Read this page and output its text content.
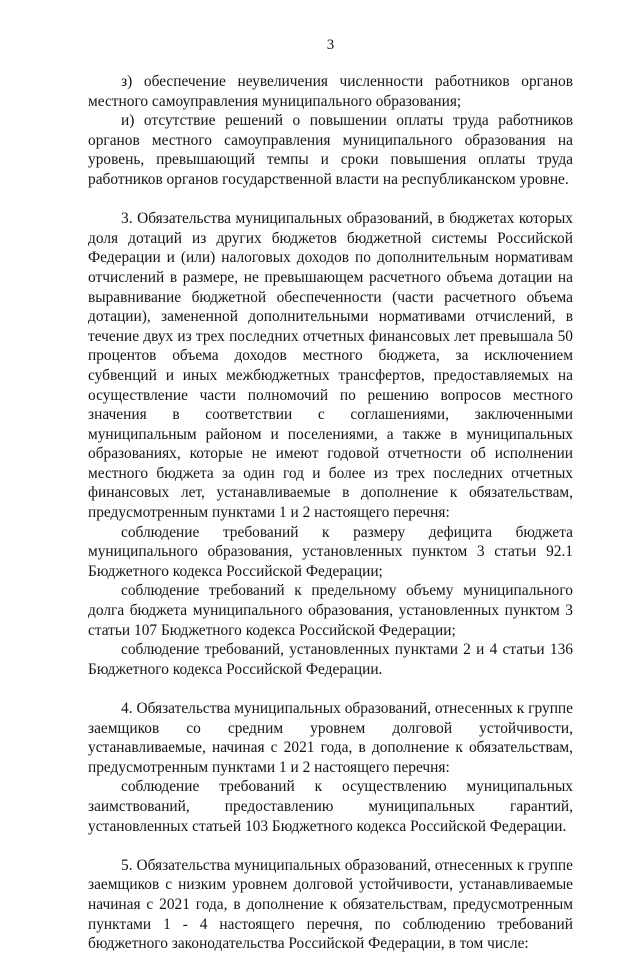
3

з) обеспечение неувеличения численности работников органов местного самоуправления муниципального образования;

и) отсутствие решений о повышении оплаты труда работников органов местного самоуправления муниципального образования на уровень, превышающий темпы и сроки повышения оплаты труда работников органов государственной власти на республиканском уровне.

3. Обязательства муниципальных образований, в бюджетах которых доля дотаций из других бюджетов бюджетной системы Российской Федерации и (или) налоговых доходов по дополнительным нормативам отчислений в размере, не превышающем расчетного объема дотации на выравнивание бюджетной обеспеченности (части расчетного объема дотации), замененной дополнительными нормативами отчислений, в течение двух из трех последних отчетных финансовых лет превышала 50 процентов объема доходов местного бюджета, за исключением субвенций и иных межбюджетных трансфертов, предоставляемых на осуществление части полномочий по решению вопросов местного значения в соответствии с соглашениями, заключенными муниципальным районом и поселениями, а также в муниципальных образованиях, которые не имеют годовой отчетности об исполнении местного бюджета за один год и более из трех последних отчетных финансовых лет, устанавливаемые в дополнение к обязательствам, предусмотренным пунктами 1 и 2 настоящего перечня:

соблюдение требований к размеру дефицита бюджета муниципального образования, установленных пунктом 3 статьи 92.1 Бюджетного кодекса Российской Федерации;

соблюдение требований к предельному объему муниципального долга бюджета муниципального образования, установленных пунктом 3 статьи 107 Бюджетного кодекса Российской Федерации;

соблюдение требований, установленных пунктами 2 и 4 статьи 136 Бюджетного кодекса Российской Федерации.

4. Обязательства муниципальных образований, отнесенных к группе заемщиков со средним уровнем долговой устойчивости, устанавливаемые, начиная с 2021 года, в дополнение к обязательствам, предусмотренным пунктами 1 и 2 настоящего перечня:

соблюдение требований к осуществлению муниципальных заимствований, предоставлению муниципальных гарантий, установленных статьей 103 Бюджетного кодекса Российской Федерации.

5. Обязательства муниципальных образований, отнесенных к группе заемщиков с низким уровнем долговой устойчивости, устанавливаемые начиная с 2021 года, в дополнение к обязательствам, предусмотренным пунктами 1 - 4 настоящего перечня, по соблюдению требований бюджетного законодательства Российской Федерации, в том числе:
